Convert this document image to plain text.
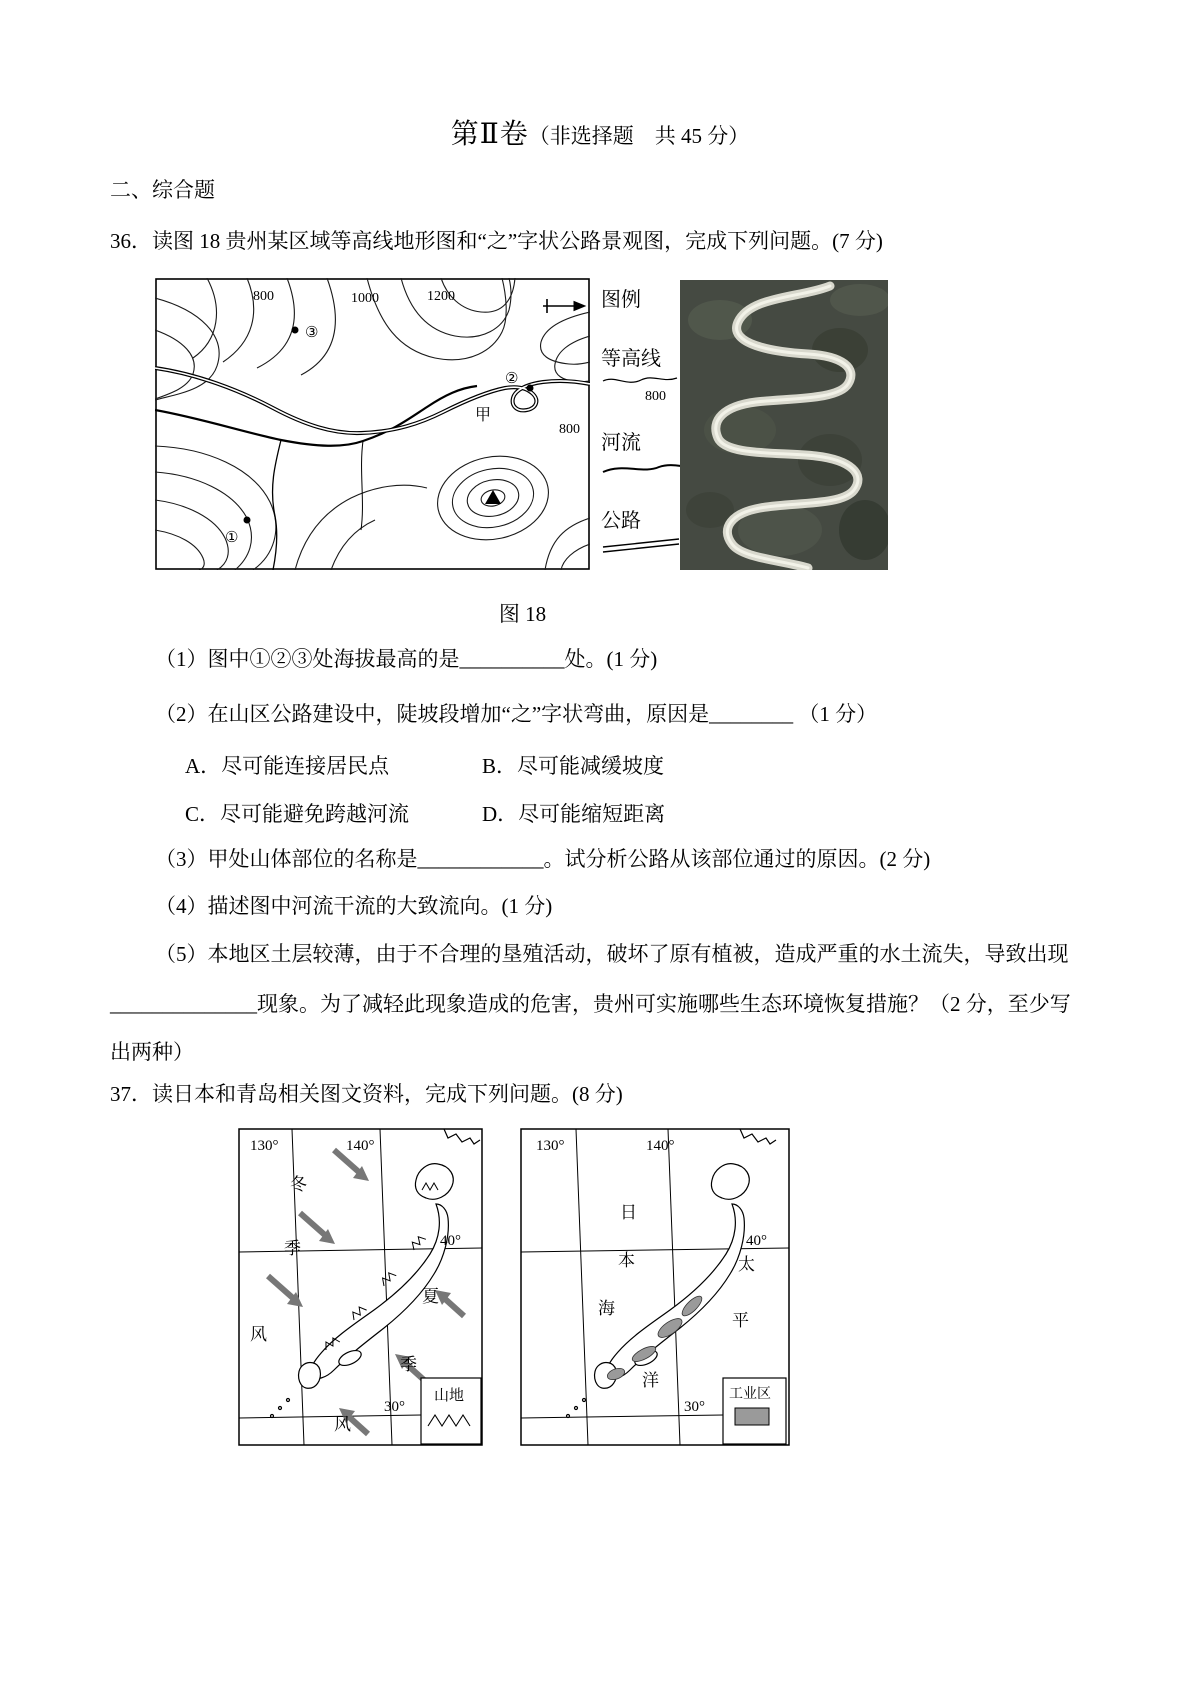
第Ⅱ卷（非选择题　共 45 分）
二、综合题
36．读图 18 贵州某区域等高线地形图和“之”字状公路景观图，完成下列问题。(7 分)
③
②
①
甲
800	1000	1200
800
图例
等高线
800
河流
公路
图 18
（1）图中①②③处海拔最高的是__________处。(1 分)
（2）在山区公路建设中，陡坡段增加“之”字状弯曲，原因是________ （1 分）
A．尽可能连接居民点	B．尽可能减缓坡度
C．尽可能避免跨越河流	D．尽可能缩短距离
（3）甲处山体部位的名称是____________。试分析公路从该部位通过的原因。(2 分)
（4）描述图中河流干流的大致流向。(1 分)
（5）本地区土层较薄，由于不合理的垦殖活动，破坏了原有植被，造成严重的水土流失，导致出现
______________现象。为了减轻此现象造成的危害，贵州可实施哪些生态环境恢复措施？（2 分，至少写
出两种）
37．读日本和青岛相关图文资料，完成下列问题。(8 分)
130°	140°
40°
30°
冬
季
风
夏
季
风
山地
130°	140°
40°
30°
日
本
海
太
平
洋
工业区
